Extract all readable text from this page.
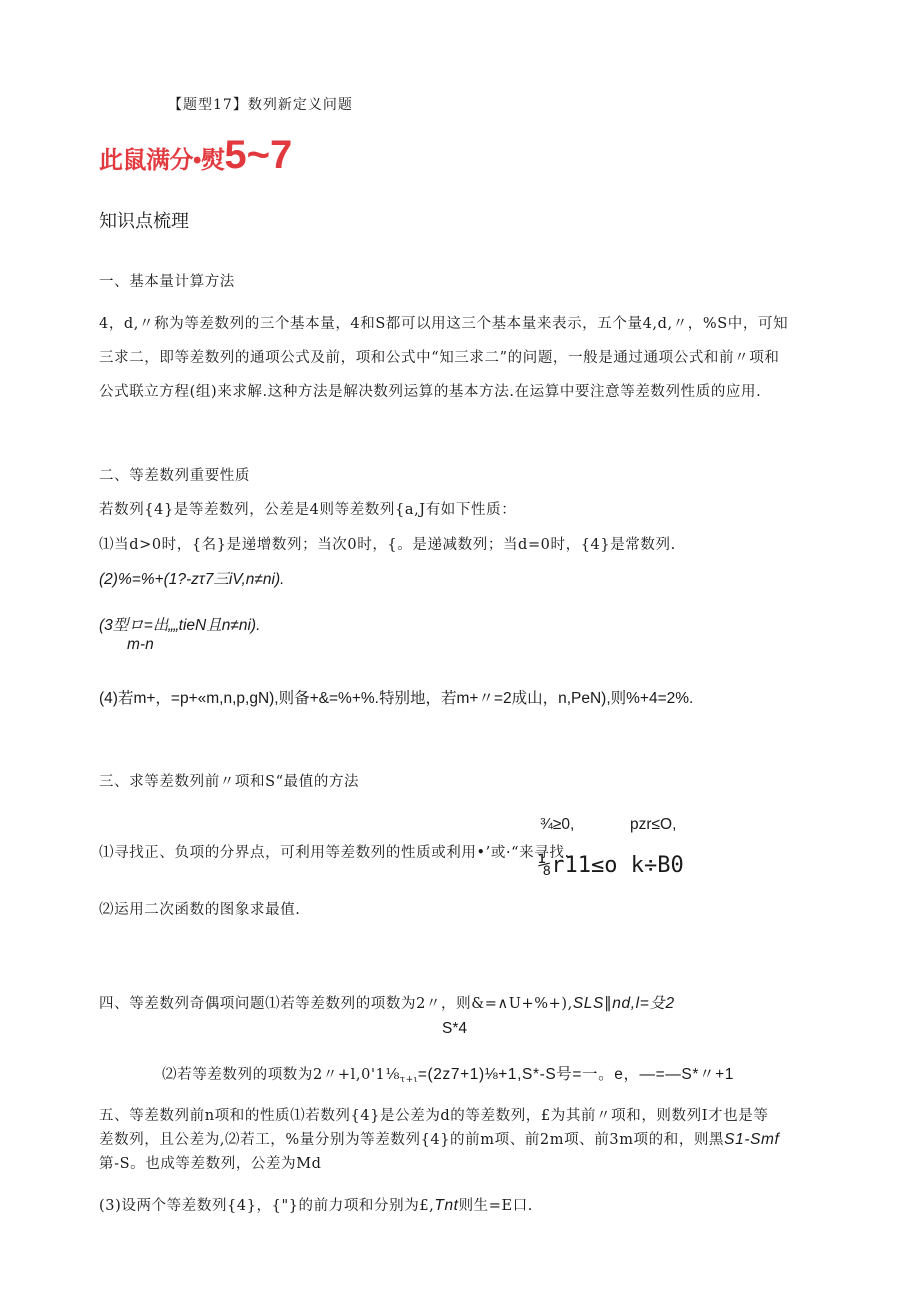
【题型17】数列新定义问题
此鼠满分•熨5~7
知识点梳理
一、基本量计算方法
4，d,〃称为等差数列的三个基本量，4和S都可以用这三个基本量来表示，五个量4,d,〃，%S中，可知
三求二，即等差数列的通项公式及前，项和公式中“知三求二”的问题，一般是通过通项公式和前〃项和
公式联立方程(组)来求解.这种方法是解决数列运算的基本方法.在运算中要注意等差数列性质的应用.
二、等差数列重要性质
若数列{4}是等差数列，公差是4则等差数列{a,J有如下性质：
⑴当d>0时，{名}是递增数列；当次0时，{。是递减数列；当d=0时，{4}是常数列.
(2)%=%+(1?-zτ7三iV,n≠ni).
(3型ロ=出„„tieN且n≠ni).
m-n
(4)若m+，=p+«m,n,p,gN),则备+&=%+%.特别地，若m+〃=2成山，n,PeN),则%+4=2%.
三、求等差数列前〃项和S“最值的方法
¾≥0,	pzr≤O,
⑴寻找正、负项的分界点，可利用等差数列的性质或利用•’或·“来寻找.
⅛r11≤o k÷B0
⑵运用二次函数的图象求最值.
四、等差数列奇偶项问题⑴若等差数列的项数为2〃，则&=∧U+%+),SLS∥nd,l=殳2
S*4
⑵若等差数列的项数为2〃$+l,0'1\frac{1}{8}_{\tau+\iota}=(2z7+1)\frac{1}{8}+1,S*-S$号=一。e，—=—S*〃+1
五、等差数列前n项和的性质⑴若数列{4}是公差为d的等差数列，£为其前〃项和，则数列I才也是等
差数列，且公差为,⑵若工，%量分别为等差数列{4}的前m项、前2m项、前3m项的和，则黑S1-Smf
第-S。也成等差数列，公差为Md
(3)设两个等差数列{4}，{"}的前力项和分别为£,Tnt则生=E口.
